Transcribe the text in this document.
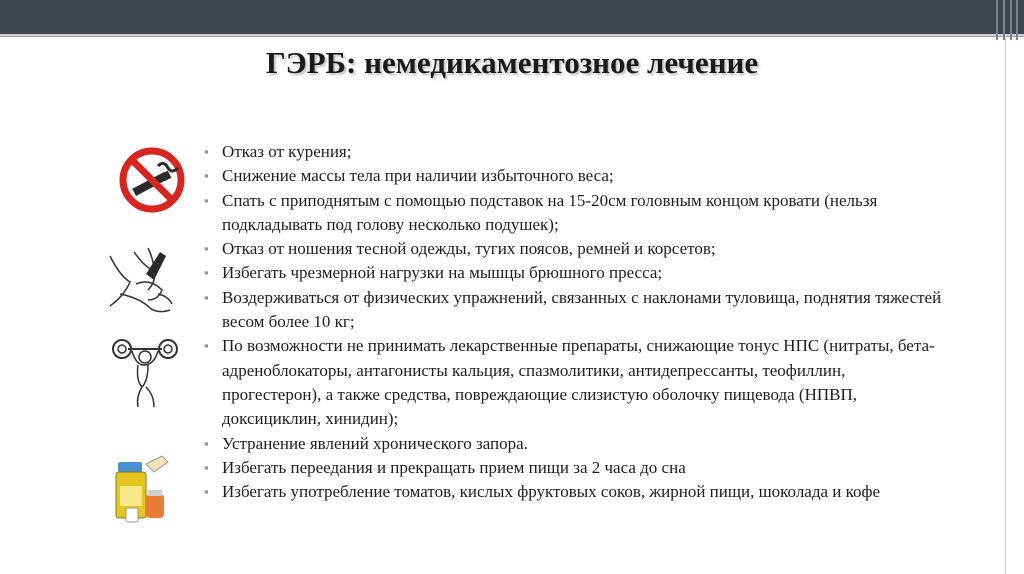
ГЭРБ: немедикаментозное лечение
▪ Отказ от курения;
▪ Снижение массы тела при наличии избыточного веса;
▪ Спать с приподнятым с помощью подставок на 15-20см головным концом кровати (нельзя подкладывать под голову несколько подушек);
▪ Отказ от ношения тесной одежды, тугих поясов, ремней и корсетов;
▪ Избегать чрезмерной нагрузки на мышцы брюшного пресса;
▪ Воздерживаться от физических упражнений, связанных с наклонами туловища, поднятия тяжестей весом более 10 кг;
▪ По возможности не принимать лекарственные препараты, снижающие тонус НПС (нитраты, бета-адреноблокаторы, антагонисты кальция, спазмолитики, антидепрессанты, теофиллин, прогестерон), а также средства, повреждающие слизистую оболочку пищевода (НПВП, доксициклин, хинидин);
▪ Устранение явлений хронического запора.
▪ Избегать переедания и прекращать прием пищи за 2 часа до сна
▪ Избегать употребление томатов, кислых фруктовых соков, жирной пищи, шоколада и кофе
